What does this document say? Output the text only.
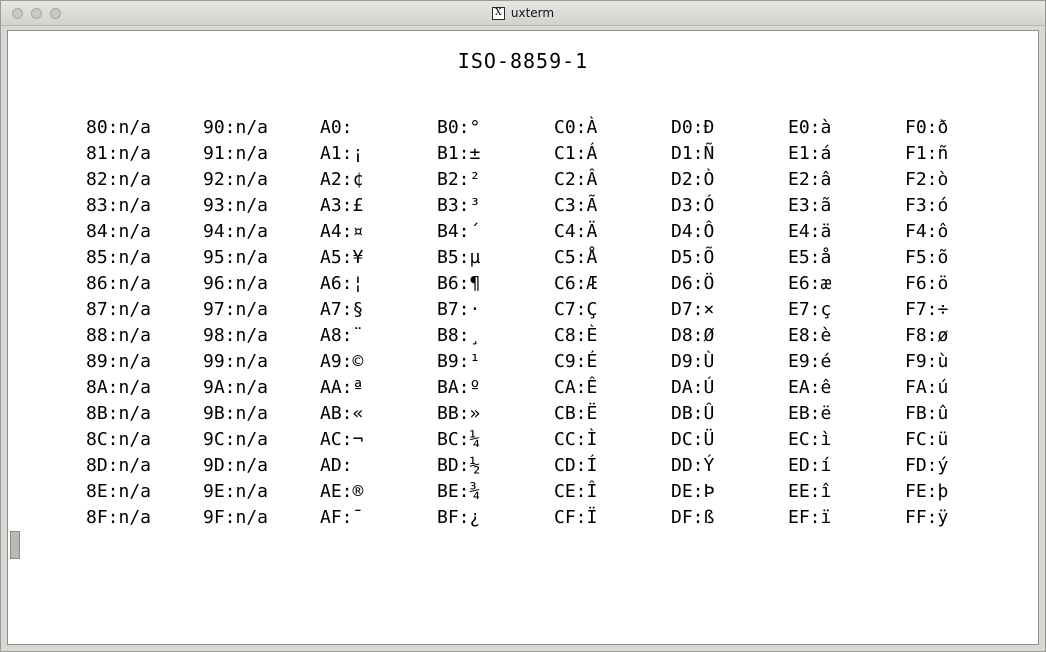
X uxterm
ISO-8859-1
80:n/a	90:n/a	A0:	B0:°	C0:À	D0:Ð	E0:à	F0:ð
81:n/a	91:n/a	A1:¡	B1:±	C1:Á	D1:Ñ	E1:á	F1:ñ
82:n/a	92:n/a	A2:¢	B2:²	C2:Â	D2:Ò	E2:â	F2:ò
83:n/a	93:n/a	A3:£	B3:³	C3:Ã	D3:Ó	E3:ã	F3:ó
84:n/a	94:n/a	A4:¤	B4:´	C4:Ä	D4:Ô	E4:ä	F4:ô
85:n/a	95:n/a	A5:¥	B5:µ	C5:Å	D5:Õ	E5:å	F5:õ
86:n/a	96:n/a	A6:¦	B6:¶	C6:Æ	D6:Ö	E6:æ	F6:ö
87:n/a	97:n/a	A7:§	B7:·	C7:Ç	D7:×	E7:ç	F7:÷
88:n/a	98:n/a	A8:¨	B8:¸	C8:È	D8:Ø	E8:è	F8:ø
89:n/a	99:n/a	A9:©	B9:¹	C9:É	D9:Ù	E9:é	F9:ù
8A:n/a	9A:n/a	AA:ª	BA:º	CA:Ê	DA:Ú	EA:ê	FA:ú
8B:n/a	9B:n/a	AB:«	BB:»	CB:Ë	DB:Û	EB:ë	FB:û
8C:n/a	9C:n/a	AC:¬	BC:¼	CC:Ì	DC:Ü	EC:ì	FC:ü
8D:n/a	9D:n/a	AD:	BD:½	CD:Í	DD:Ý	ED:í	FD:ý
8E:n/a	9E:n/a	AE:®	BE:¾	CE:Î	DE:Þ	EE:î	FE:þ
8F:n/a	9F:n/a	AF:¯	BF:¿	CF:Ï	DF:ß	EF:ï	FF:ÿ
